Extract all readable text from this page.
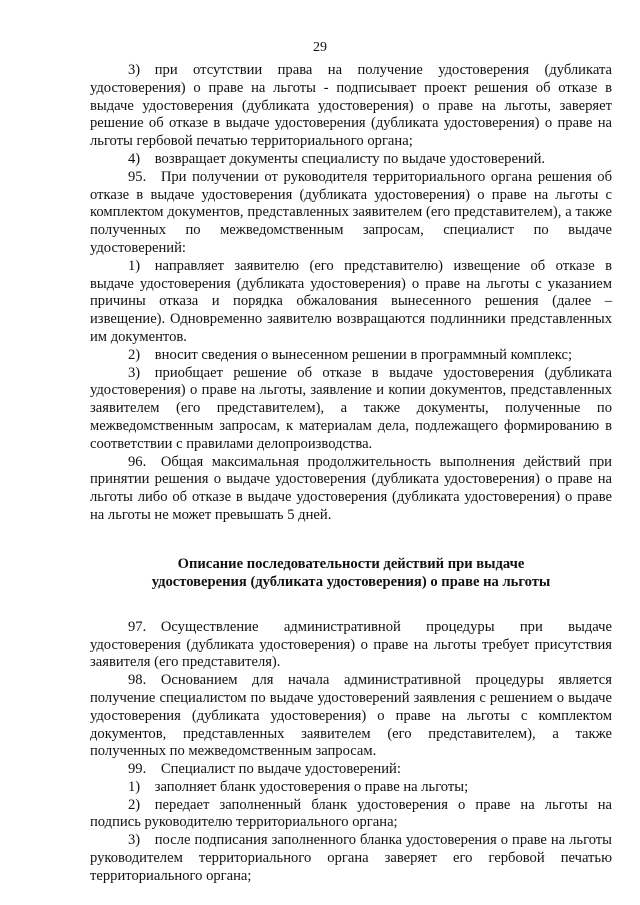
29

3) при отсутствии права на получение удостоверения (дубликата удостоверения) о праве на льготы - подписывает проект решения об отказе в выдаче удостоверения (дубликата удостоверения) о праве на льготы, заверяет решение об отказе в выдаче удостоверения (дубликата удостоверения) о праве на льготы гербовой печатью территориального органа;

4) возвращает документы специалисту по выдаче удостоверений.

95. При получении от руководителя территориального органа решения об отказе в выдаче удостоверения (дубликата удостоверения) о праве на льготы с комплектом документов, представленных заявителем (его представителем), а также полученных по межведомственным запросам, специалист по выдаче удостоверений:

1) направляет заявителю (его представителю) извещение об отказе в выдаче удостоверения (дубликата удостоверения) о праве на льготы с указанием причины отказа и порядка обжалования вынесенного решения (далее – извещение). Одновременно заявителю возвращаются подлинники представленных им документов.

2) вносит сведения о вынесенном решении в программный комплекс;

3) приобщает решение об отказе в выдаче удостоверения (дубликата удостоверения) о праве на льготы, заявление и копии документов, представленных заявителем (его представителем), а также документы, полученные по межведомственным запросам, к материалам дела, подлежащего формированию в соответствии с правилами делопроизводства.

96. Общая максимальная продолжительность выполнения действий при принятии решения о выдаче удостоверения (дубликата удостоверения) о праве на льготы либо об отказе в выдаче удостоверения (дубликата удостоверения) о праве на льготы не может превышать 5 дней.

Описание последовательности действий при выдаче
удостоверения (дубликата удостоверения) о праве на льготы

97. Осуществление административной процедуры при выдаче удостоверения (дубликата удостоверения) о праве на льготы требует присутствия заявителя (его представителя).

98. Основанием для начала административной процедуры является получение специалистом по выдаче удостоверений заявления с решением о выдаче удостоверения (дубликата удостоверения) о праве на льготы с комплектом документов, представленных заявителем (его представителем), а также полученных по межведомственным запросам.

99. Специалист по выдаче удостоверений:

1) заполняет бланк удостоверения о праве на льготы;

2) передает заполненный бланк удостоверения о праве на льготы на подпись руководителю территориального органа;

3) после подписания заполненного бланка удостоверения о праве на льготы руководителем территориального органа заверяет его гербовой печатью территориального органа;
